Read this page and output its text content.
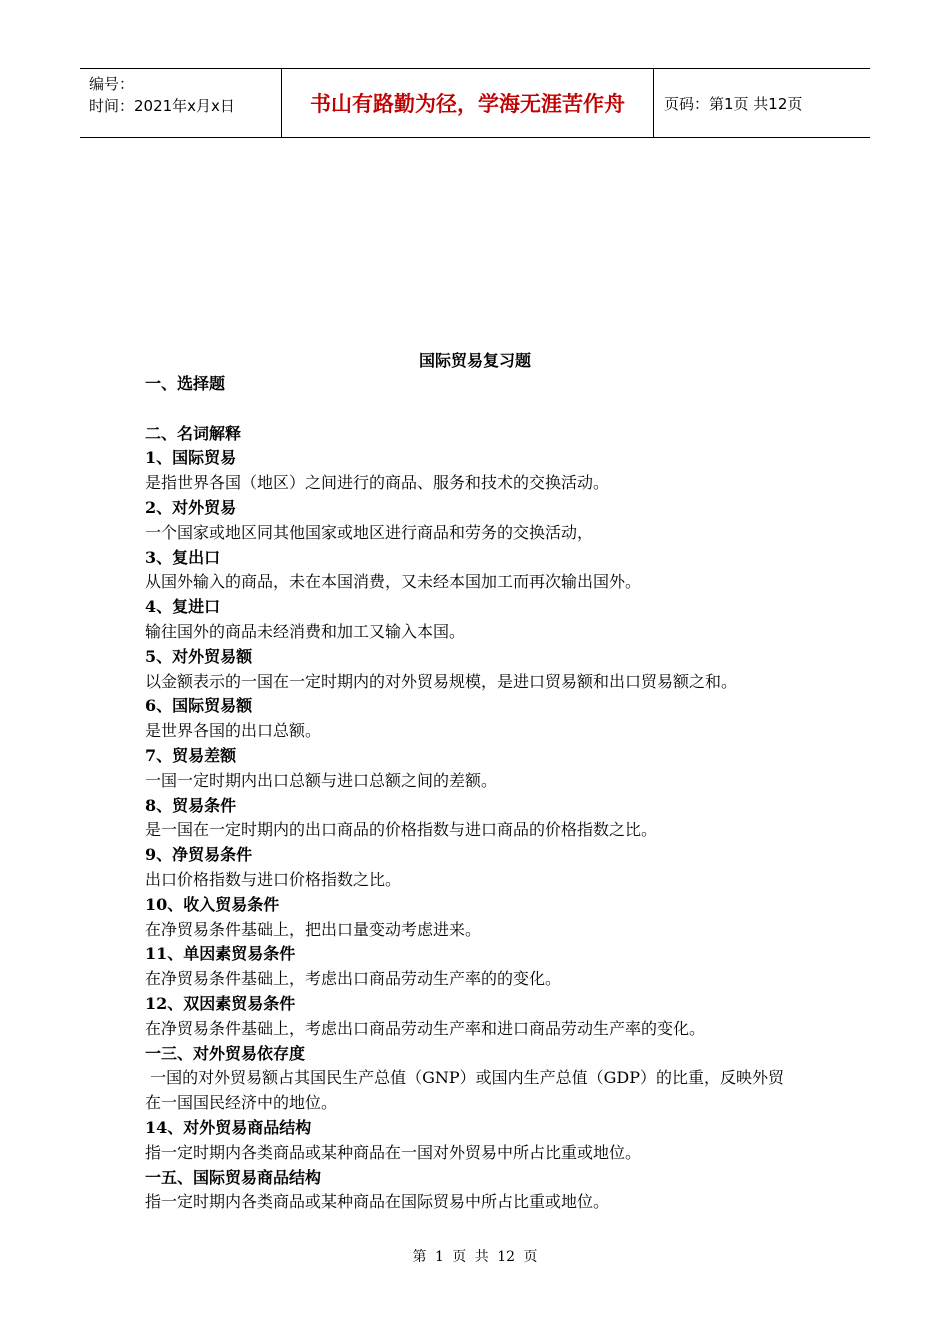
编号：
时间：2021年x月x日	书山有路勤为径，学海无涯苦作舟	页码：第1页 共12页
国际贸易复习题
一、选择题

二、名词解释
1、国际贸易
是指世界各国（地区）之间进行的商品、服务和技术的交换活动。
2、对外贸易
一个国家或地区同其他国家或地区进行商品和劳务的交换活动，
3、复出口
从国外输入的商品，未在本国消费，又未经本国加工而再次输出国外。
4、复进口
输往国外的商品未经消费和加工又输入本国。
5、对外贸易额
以金额表示的一国在一定时期内的对外贸易规模，是进口贸易额和出口贸易额之和。
6、国际贸易额
是世界各国的出口总额。
7、贸易差额
一国一定时期内出口总额与进口总额之间的差额。
8、贸易条件
是一国在一定时期内的出口商品的价格指数与进口商品的价格指数之比。
9、净贸易条件
出口价格指数与进口价格指数之比。
10、收入贸易条件
在净贸易条件基础上，把出口量变动考虑进来。
11、单因素贸易条件
在净贸易条件基础上，考虑出口商品劳动生产率的的变化。
12、双因素贸易条件
在净贸易条件基础上，考虑出口商品劳动生产率和进口商品劳动生产率的变化。
一三、对外贸易依存度
一国的对外贸易额占其国民生产总值（GNP）或国内生产总值（GDP）的比重，反映外贸
在一国国民经济中的地位。
14、对外贸易商品结构
指一定时期内各类商品或某种商品在一国对外贸易中所占比重或地位。
一五、国际贸易商品结构
指一定时期内各类商品或某种商品在国际贸易中所占比重或地位。
第 1 页 共 12 页
